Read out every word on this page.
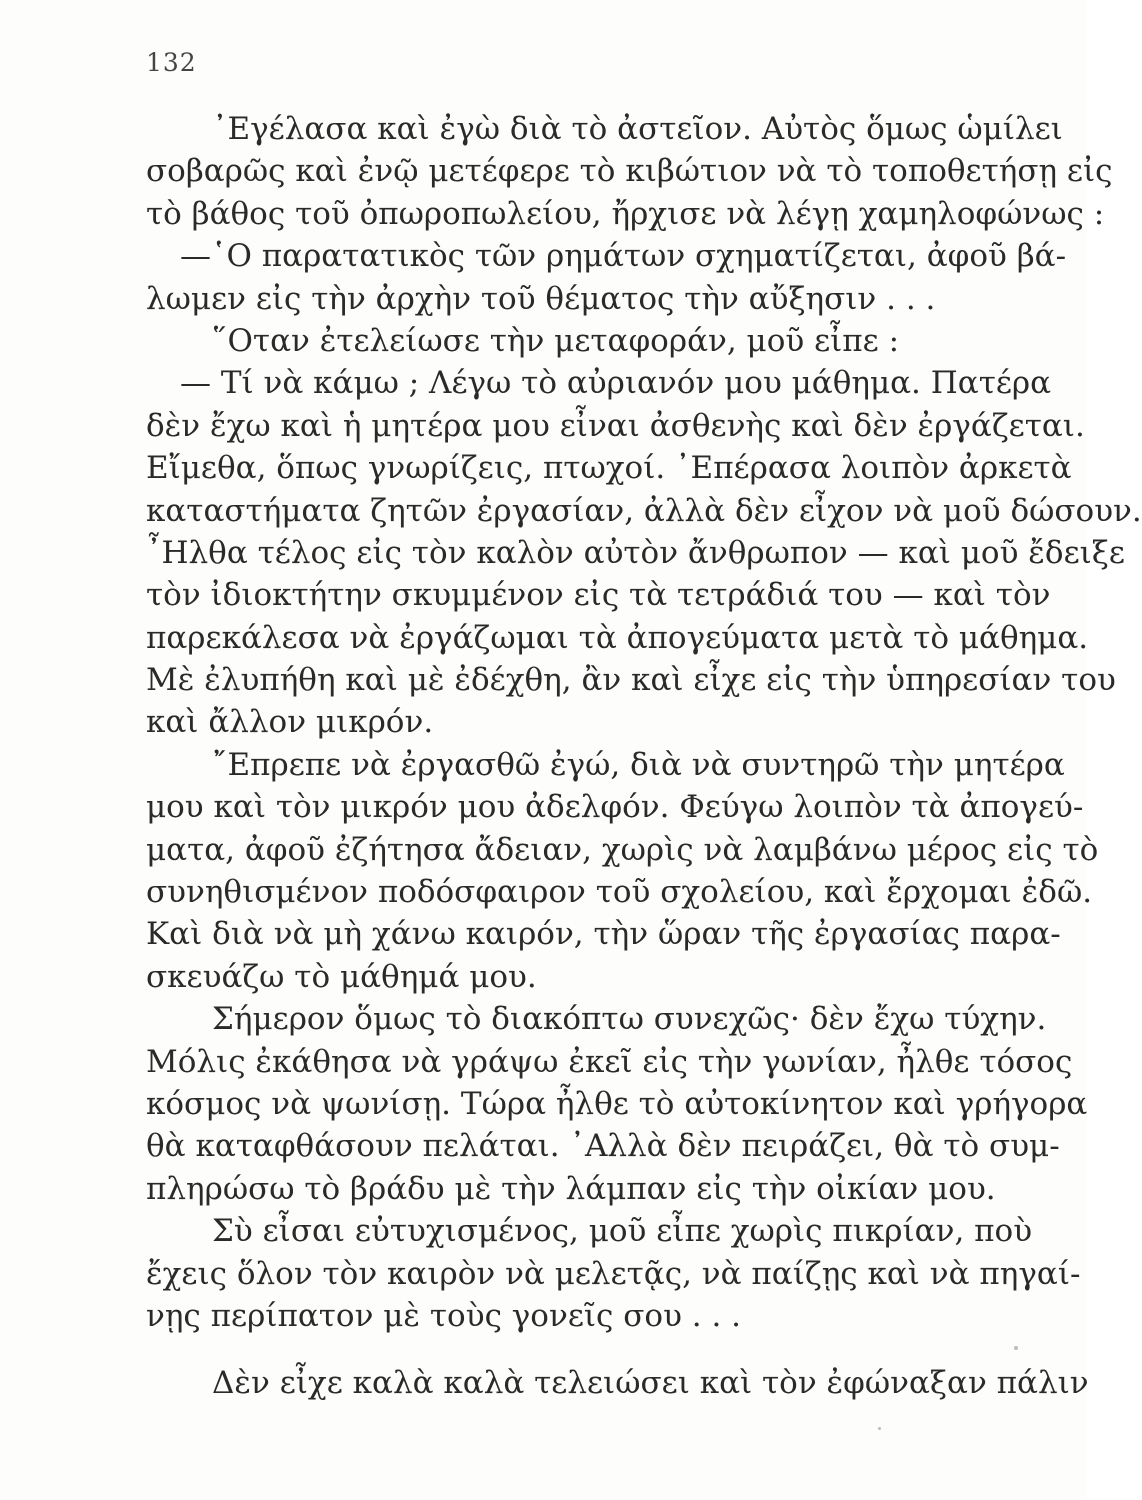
132
᾿Εγέλασα καὶ ἐγὼ διὰ τὸ ἀστεῖον. Αὐτὸς ὅμως ὡμίλει
σοβαρῶς καὶ ἐνῷ μετέφερε τὸ κιβώτιον νὰ τὸ τοποθετήσῃ εἰς
τὸ βάθος τοῦ ὀπωροπωλείου, ἤρχισε νὰ λέγῃ χαμηλοφώνως :
—῾Ο παρατατικὸς τῶν ρημάτων σχηματίζεται, ἀφοῦ βά-
λωμεν εἰς τὴν ἀρχὴν τοῦ θέματος τὴν αὔξησιν . . .
῞Οταν ἐτελείωσε τὴν μεταφοράν, μοῦ εἶπε :
— Τί νὰ κάμω ; Λέγω τὸ αὐριανόν μου μάθημα. Πατέρα
δὲν ἔχω καὶ ἡ μητέρα μου εἶναι ἀσθενὴς καὶ δὲν ἐργάζεται.
Εἴμεθα, ὅπως γνωρίζεις, πτωχοί. ᾿Επέρασα λοιπὸν ἀρκετὰ
καταστήματα ζητῶν ἐργασίαν, ἀλλὰ δὲν εἶχον νὰ μοῦ δώσουν.
῏Ηλθα τέλος εἰς τὸν καλὸν αὐτὸν ἄνθρωπον — καὶ μοῦ ἔδειξε
τὸν ἰδιοκτήτην σκυμμένον εἰς τὰ τετράδιά του — καὶ τὸν
παρεκάλεσα νὰ ἐργάζωμαι τὰ ἀπογεύματα μετὰ τὸ μάθημα.
Μὲ ἐλυπήθη καὶ μὲ ἐδέχθη, ἂν καὶ εἶχε εἰς τὴν ὑπηρεσίαν του
καὶ ἄλλον μικρόν.
῎Επρεπε νὰ ἐργασθῶ ἐγώ, διὰ νὰ συντηρῶ τὴν μητέρα
μου καὶ τὸν μικρόν μου ἀδελφόν. Φεύγω λοιπὸν τὰ ἀπογεύ-
ματα, ἀφοῦ ἐζήτησα ἄδειαν, χωρὶς νὰ λαμβάνω μέρος εἰς τὸ
συνηθισμένον ποδόσφαιρον τοῦ σχολείου, καὶ ἔρχομαι ἐδῶ.
Καὶ διὰ νὰ μὴ χάνω καιρόν, τὴν ὥραν τῆς ἐργασίας παρα-
σκευάζω τὸ μάθημά μου.
Σήμερον ὅμως τὸ διακόπτω συνεχῶς· δὲν ἔχω τύχην.
Μόλις ἐκάθησα νὰ γράψω ἐκεῖ εἰς τὴν γωνίαν, ἦλθε τόσος
κόσμος νὰ ψωνίσῃ. Τώρα ἦλθε τὸ αὐτοκίνητον καὶ γρήγορα
θὰ καταφθάσουν πελάται. ᾿Αλλὰ δὲν πειράζει, θὰ τὸ συμ-
πληρώσω τὸ βράδυ μὲ τὴν λάμπαν εἰς τὴν οἰκίαν μου.
Σὺ εἶσαι εὐτυχισμένος, μοῦ εἶπε χωρὶς πικρίαν, ποὺ
ἔχεις ὅλον τὸν καιρὸν νὰ μελετᾷς, νὰ παίζῃς καὶ νὰ πηγαί-
νῃς περίπατον μὲ τοὺς γονεῖς σου . . .
Δὲν εἶχε καλὰ καλὰ τελειώσει καὶ τὸν ἐφώναξαν πάλιν
